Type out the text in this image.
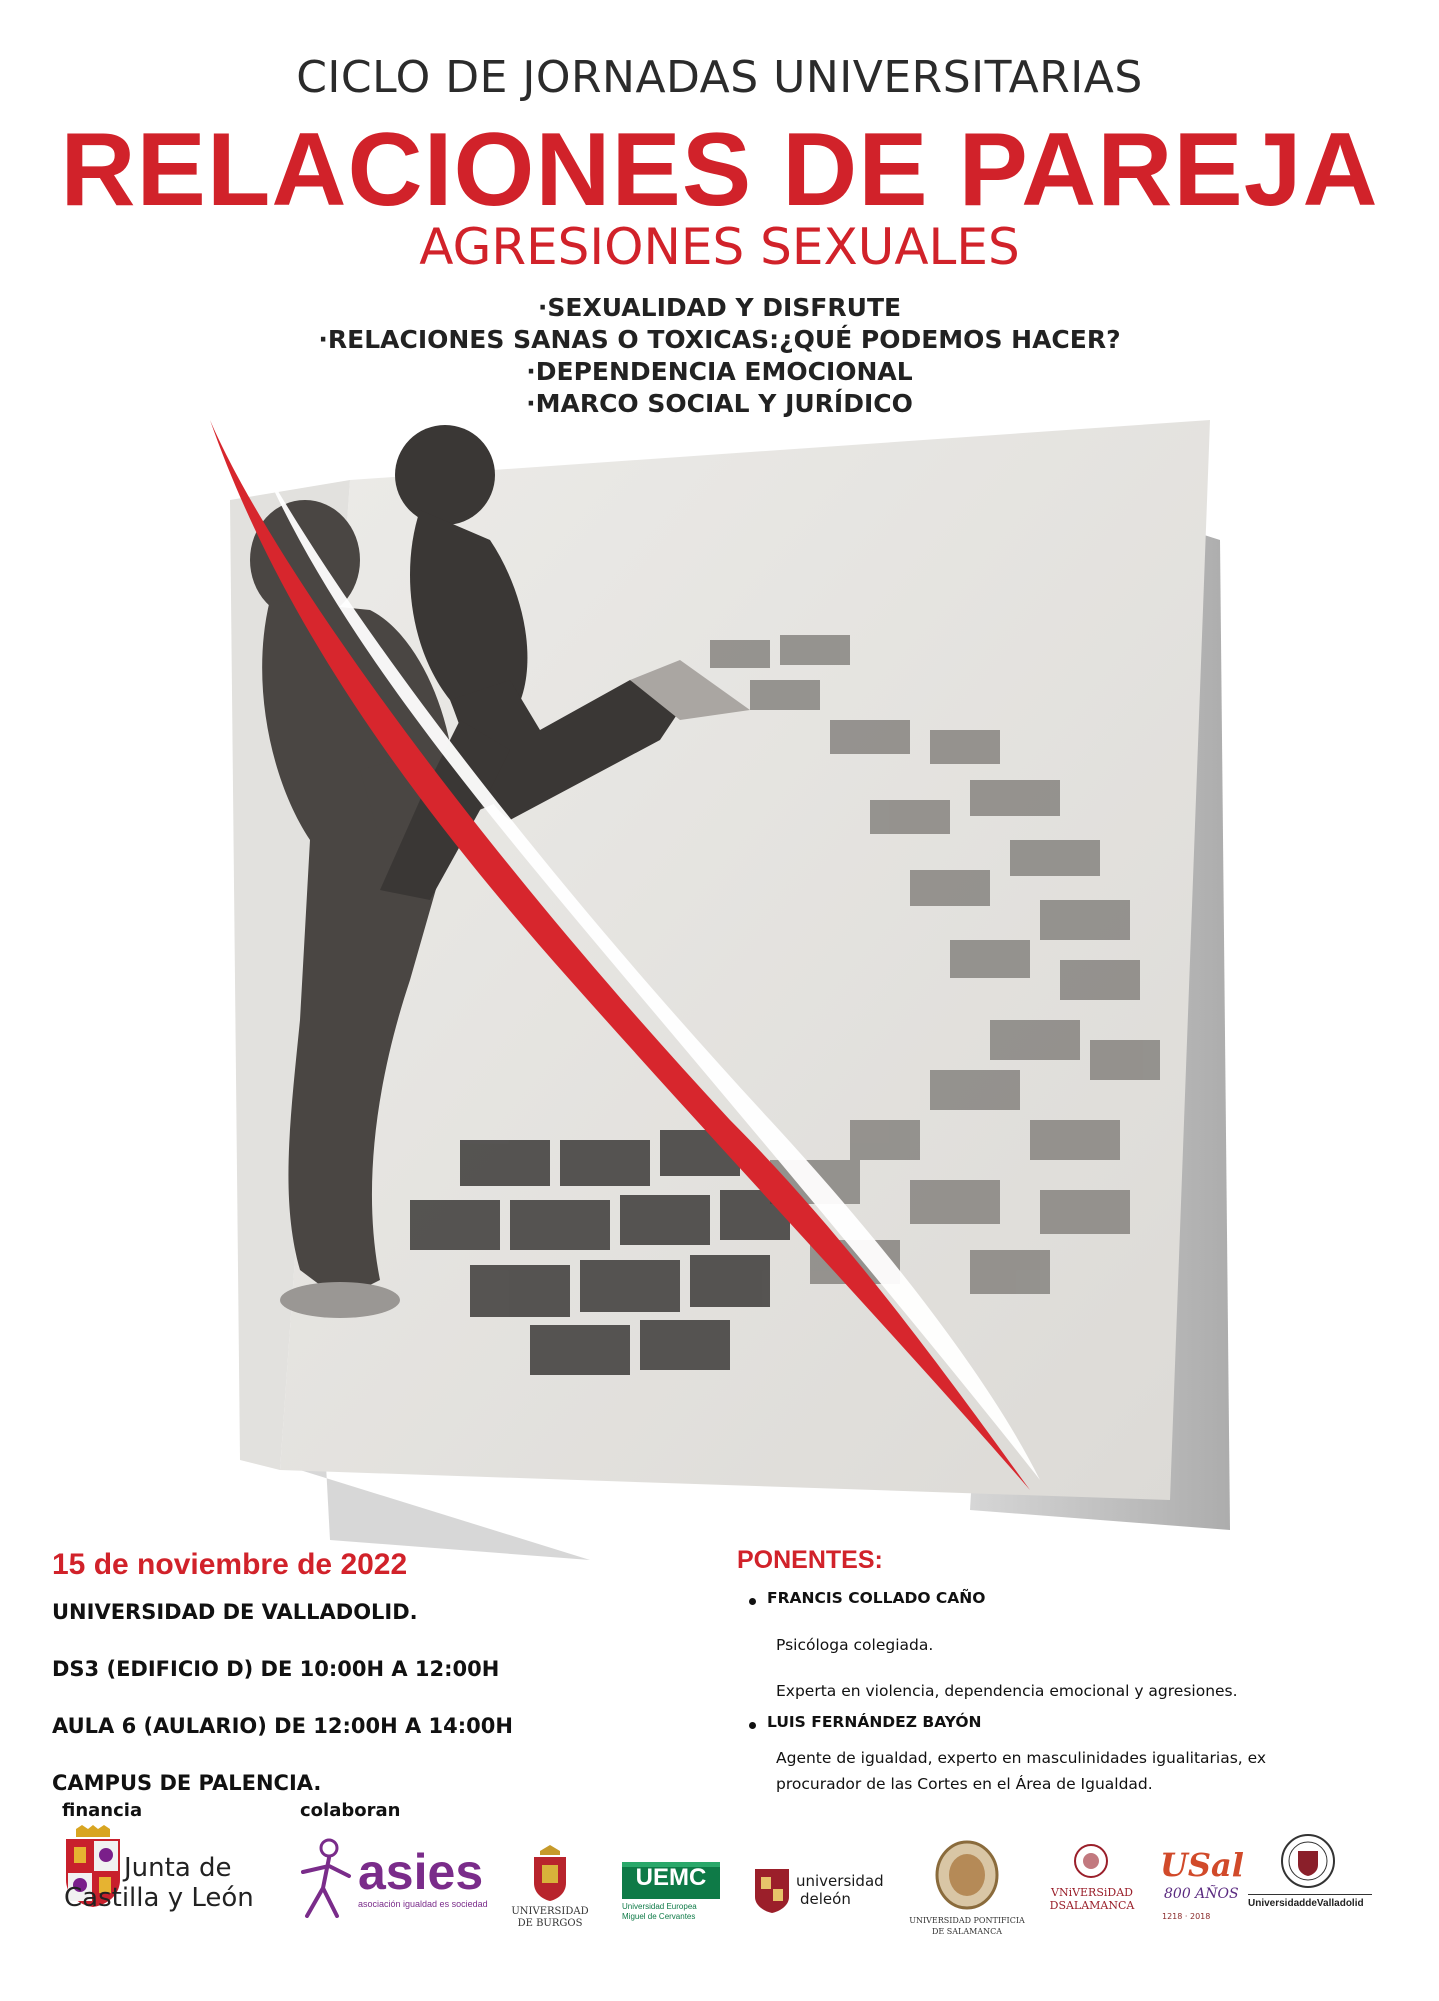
CICLO DE JORNADAS UNIVERSITARIAS
RELACIONES DE PAREJA
AGRESIONES SEXUALES
·SEXUALIDAD Y DISFRUTE
·RELACIONES SANAS O TOXICAS:¿QUÉ PODEMOS HACER?
·DEPENDENCIA EMOCIONAL
·MARCO SOCIAL Y JURÍDICO
15 de noviembre de 2022
UNIVERSIDAD DE VALLADOLID.
DS3 (EDIFICIO D) DE 10:00H A 12:00H
AULA 6 (AULARIO) DE 12:00H A 14:00H
CAMPUS DE PALENCIA.
PONENTES:
FRANCIS COLLADO CAÑO
Psicóloga colegiada.
Experta en violencia, dependencia emocional y agresiones.
LUIS FERNÁNDEZ BAYÓN
Agente de igualdad, experto en masculinidades igualitarias, ex
procurador de las Cortes en el Área de Igualdad.
financia	colaboran
Junta de
Castilla y León asies
asociación igualdad es sociedad
UNIVERSIDAD
DE BURGOS
UEMC
Universidad Europea
Miguel de Cervantes
universidad
deleón
UNIVERSIDAD PONTIFICIA
DE SALAMANCA
VNiVERSiDAD
DSALAMANCA
USal
800 AÑOS
1218 · 2018
UniversidaddeValladolid
